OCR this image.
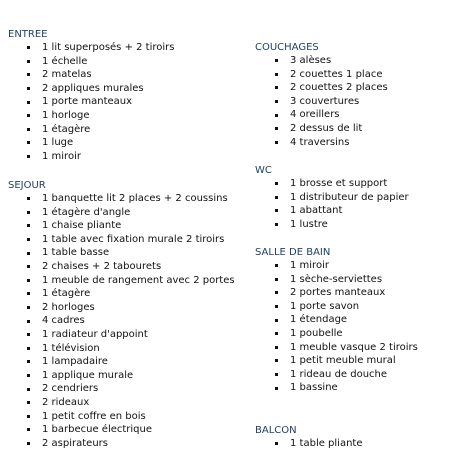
ENTREE
1 lit superposés + 2 tiroirs
1 échelle
2 matelas
2 appliques murales
1 porte manteaux
1 horloge
1 étagère
1 luge
1 miroir
SEJOUR
1 banquette lit 2 places + 2 coussins
1 étagère d'angle
1 chaise pliante
1 table avec fixation murale 2 tiroirs
1 table basse
2 chaises + 2 tabourets
1 meuble de rangement avec 2 portes
1 étagère
2 horloges
4 cadres
1 radiateur d'appoint
1 télévision
1 lampadaire
1 applique murale
2 cendriers
2 rideaux
1 petit coffre en bois
1 barbecue électrique
2 aspirateurs
COUCHAGES
3 alèses
2 couettes 1 place
2 couettes 2 places
3 couvertures
4 oreillers
2 dessus de lit
4 traversins
WC
1 brosse et support
1 distributeur de papier
1 abattant
1 lustre
SALLE DE BAIN
1 miroir
1 sèche-serviettes
2 portes manteaux
1 porte savon
1 étendage
1 poubelle
1 meuble vasque 2 tiroirs
1 petit meuble mural
1 rideau de douche
1 bassine
BALCON
1 table pliante
